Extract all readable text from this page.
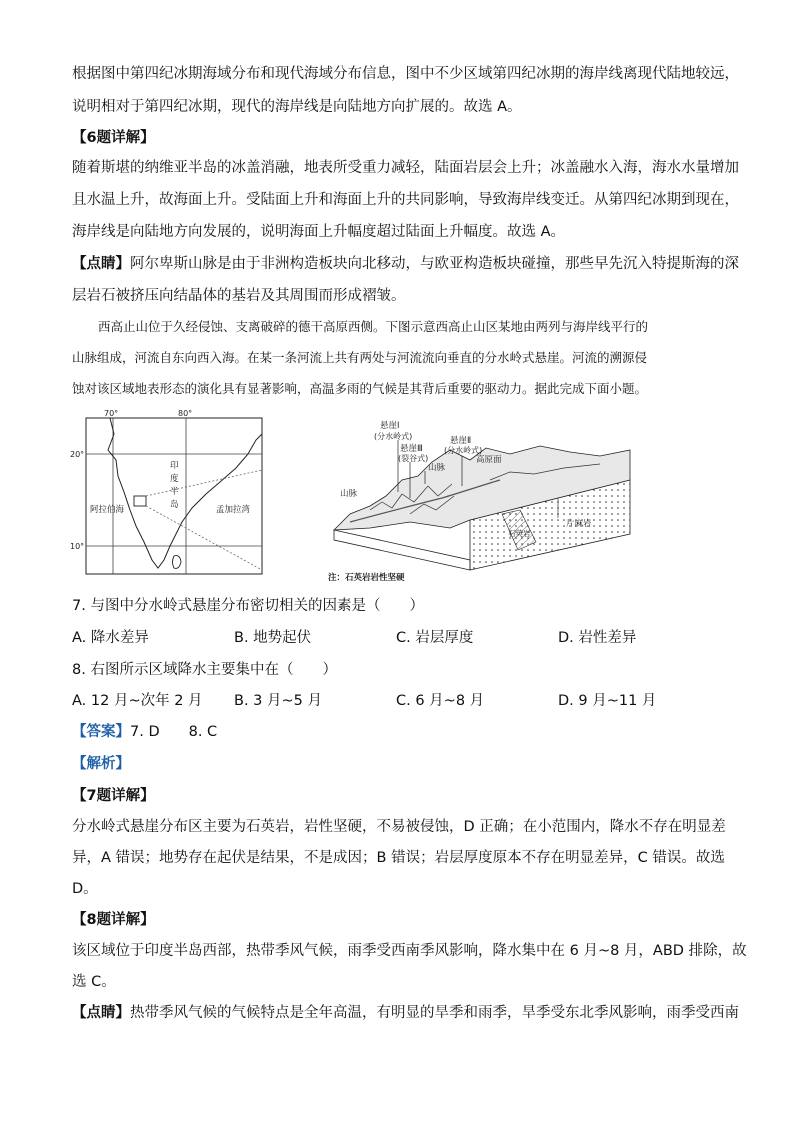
根据图中第四纪冰期海域分布和现代海域分布信息，图中不少区域第四纪冰期的海岸线离现代陆地较远，
说明相对于第四纪冰期，现代的海岸线是向陆地方向扩展的。故选 A。
【6题详解】
随着斯堪的纳维亚半岛的冰盖消融，地表所受重力减轻，陆面岩层会上升；冰盖融水入海，海水水量增加
且水温上升，故海面上升。受陆面上升和海面上升的共同影响，导致海岸线变迁。从第四纪冰期到现在，
海岸线是向陆地方向发展的，说明海面上升幅度超过陆面上升幅度。故选 A。
【点睛】阿尔卑斯山脉是由于非洲构造板块向北移动，与欧亚构造板块碰撞，那些早先沉入特提斯海的深
层岩石被挤压向结晶体的基岩及其周围而形成褶皱。
西高止山位于久经侵蚀、支离破碎的德干高原西侧。下图示意西高止山区某地由两列与海岸线平行的
山脉组成，河流自东向西入海。在某一条河流上共有两处与河流流向垂直的分水岭式悬崖。河流的溯源侵
蚀对该区域地表形态的演化具有显著影响，高温多雨的气候是其背后重要的驱动力。据此完成下面小题。
70°	80°
20°
10°
阿拉伯海	孟加拉湾
印
度
半
岛
悬崖Ⅰ
(分水岭式)
悬崖Ⅲ
(裂谷式)
悬崖Ⅱ
(分水岭式)
山脉
高原面
山脉
片麻岩
石英岩
注：石英岩岩性坚硬
7. 与图中分水岭式悬崖分布密切相关的因素是（　　）
A. 降水差异	B. 地势起伏	C. 岩层厚度	D. 岩性差异
8. 右图所示区域降水主要集中在（　　）
A. 12 月~次年 2 月 B. 3 月~5 月	C. 6 月~8 月	D. 9 月~11 月
【答案】7. D　　8. C
【解析】
【7题详解】
分水岭式悬崖分布区主要为石英岩，岩性坚硬，不易被侵蚀，D 正确；在小范围内，降水不存在明显差
异，A 错误；地势存在起伏是结果，不是成因；B 错误；岩层厚度原本不存在明显差异，C 错误。故选
D。
【8题详解】
该区域位于印度半岛西部，热带季风气候，雨季受西南季风影响，降水集中在 6 月~8 月，ABD 排除，故
选 C。
【点睛】热带季风气候的气候特点是全年高温，有明显的旱季和雨季，旱季受东北季风影响，雨季受西南
